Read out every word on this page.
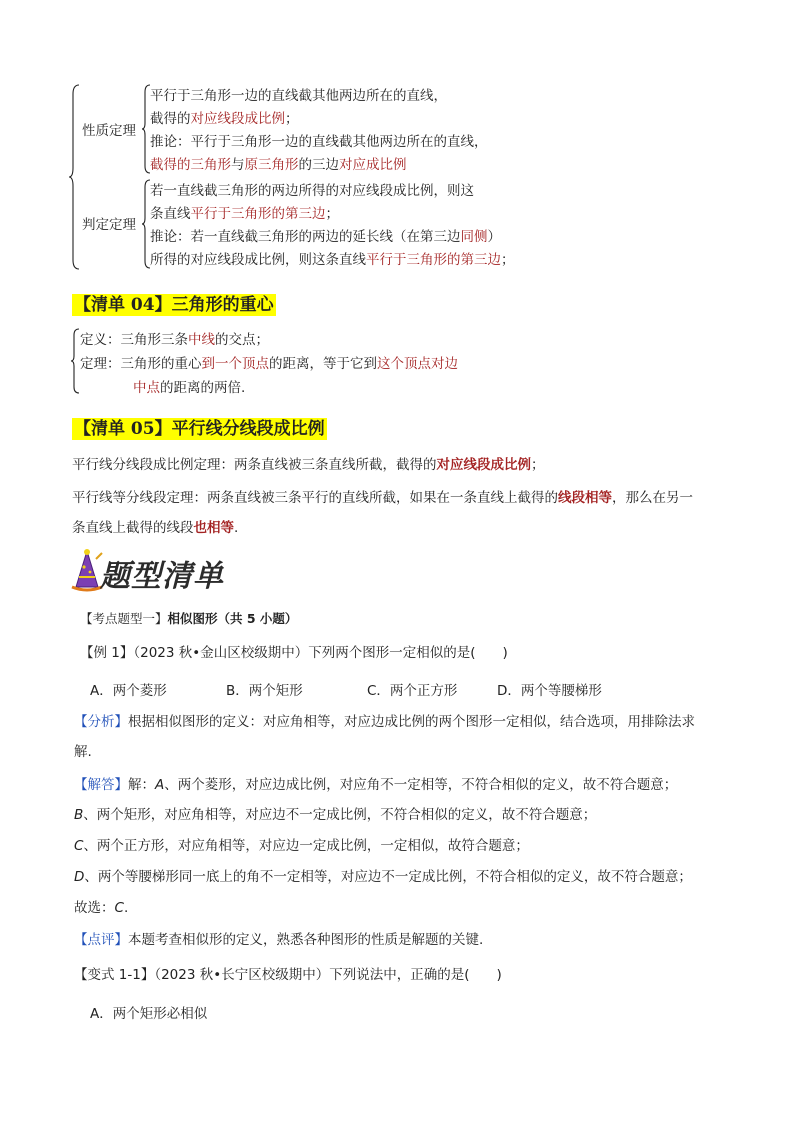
性质定理
判定定理
平行于三角形一边的直线截其他两边所在的直线，
截得的对应线段成比例；
推论：平行于三角形一边的直线截其他两边所在的直线，
截得的三角形与原三角形的三边对应成比例
若一直线截三角形的两边所得的对应线段成比例，则这
条直线平行于三角形的第三边；
推论：若一直线截三角形的两边的延长线（在第三边同侧）
所得的对应线段成比例，则这条直线平行于三角形的第三边；
【清单 04】三角形的重心
定义：三角形三条中线的交点；
定理：三角形的重心到一个顶点的距离，等于它到这个顶点对边
中点的距离的两倍.
【清单 05】平行线分线段成比例
平行线分线段成比例定理：两条直线被三条直线所截，截得的对应线段成比例；
平行线等分线段定理：两条直线被三条平行的直线所截，如果在一条直线上截得的线段相等，那么在另一
条直线上截得的线段也相等.
题型清单
【考点题型一】相似图形（共 5 小题）
【例 1】（2023 秋•金山区校级期中）下列两个图形一定相似的是(　　)
A．两个菱形	B．两个矩形	C．两个正方形	D．两个等腰梯形
【分析】根据相似图形的定义：对应角相等，对应边成比例的两个图形一定相似，结合选项，用排除法求
解.
【解答】解：A、两个菱形，对应边成比例，对应角不一定相等，不符合相似的定义，故不符合题意；
B、两个矩形，对应角相等，对应边不一定成比例，不符合相似的定义，故不符合题意；
C、两个正方形，对应角相等，对应边一定成比例，一定相似，故符合题意；
D、两个等腰梯形同一底上的角不一定相等，对应边不一定成比例，不符合相似的定义，故不符合题意；
故选：C.
【点评】本题考查相似形的定义，熟悉各种图形的性质是解题的关键.
【变式 1-1】（2023 秋•长宁区校级期中）下列说法中，正确的是(　　)
A．两个矩形必相似
